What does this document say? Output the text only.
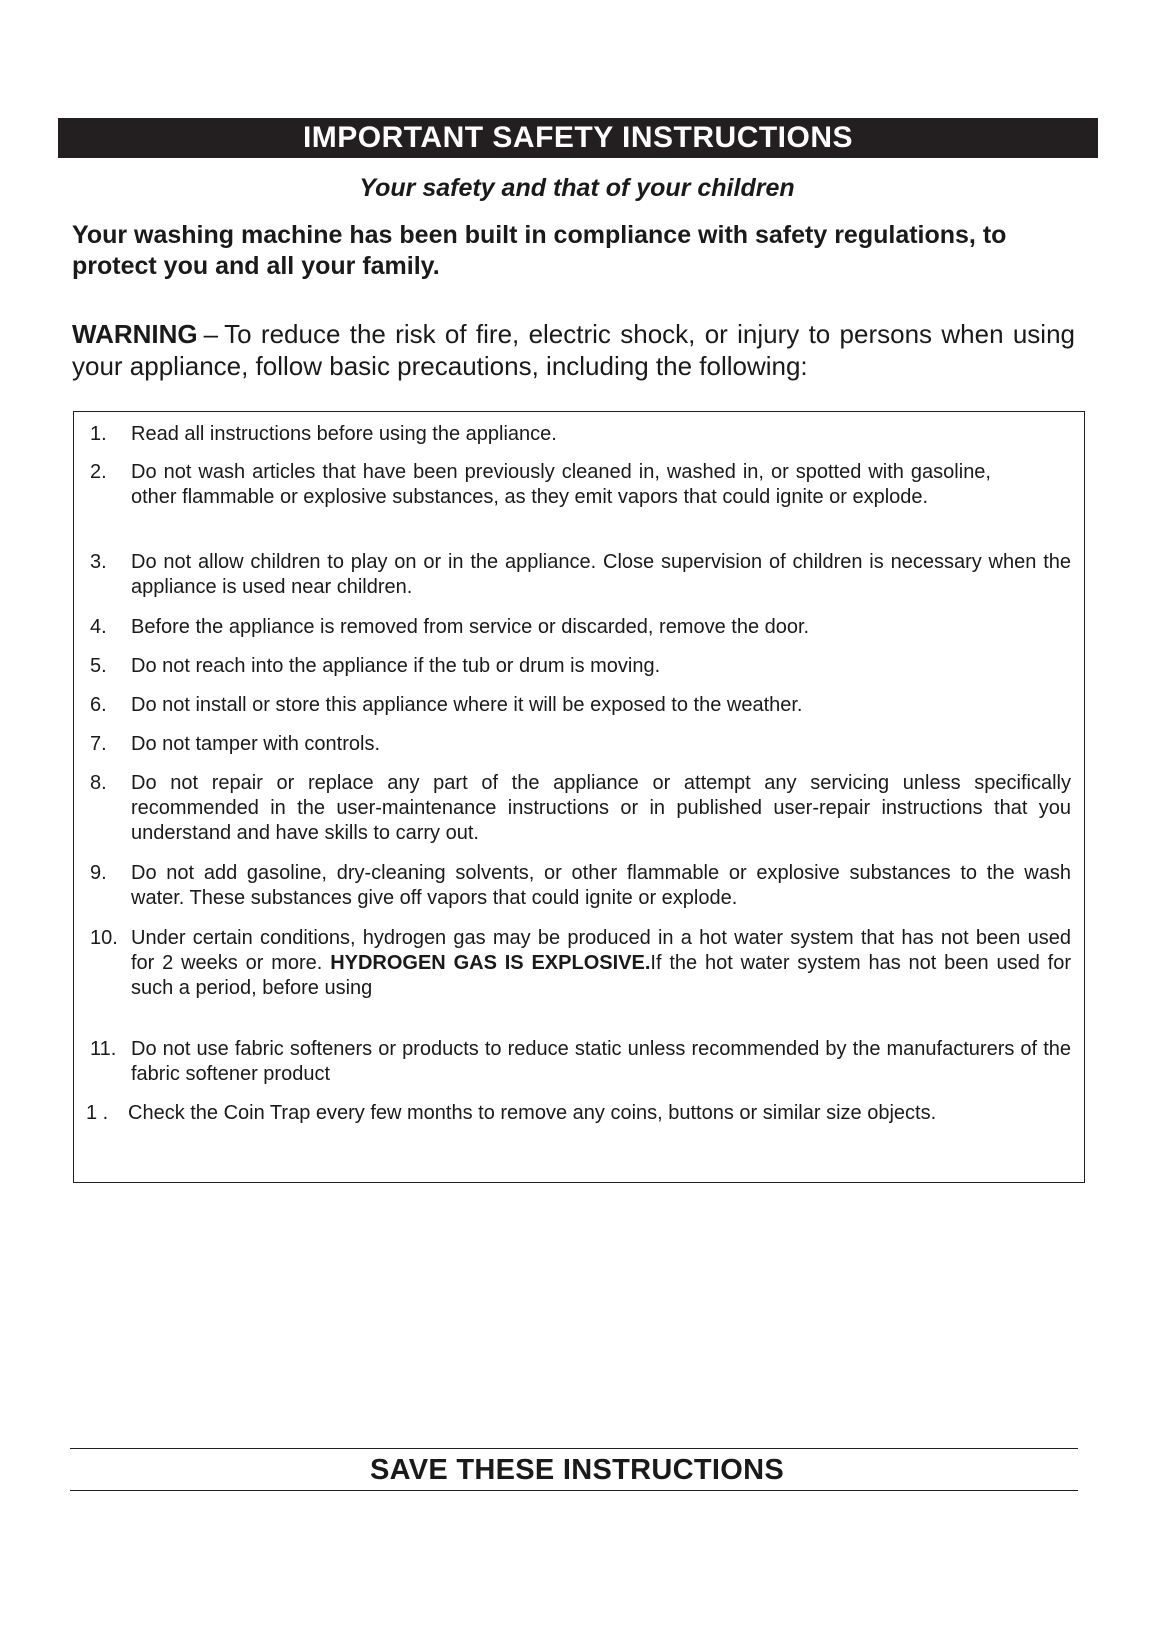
IMPORTANT SAFETY INSTRUCTIONS
Your safety and that of your children
Your washing machine has been built in compliance with safety regulations, to protect you and all your family.
WARNING – To reduce the risk of fire, electric shock, or injury to persons when using your appliance, follow basic precautions, including the following:
1.	Read all instructions before using the appliance.
2.	Do not wash articles that have been previously cleaned in, washed in, or spotted with gasoline, other flammable or explosive substances, as they emit vapors that could ignite or explode.
3.	Do not allow children to play on or in the appliance. Close supervision of children is necessary when the appliance is used near children.
4.	Before the appliance is removed from service or discarded, remove the door.
5.	Do not reach into the appliance if the tub or drum is moving.
6.	Do not install or store this appliance where it will be exposed to the weather.
7.	Do not tamper with controls.
8.	Do not repair or replace any part of the appliance or attempt any servicing unless specifically recommended in the user-maintenance instructions or in published user-repair instructions that you understand and have skills to carry out.
9.	Do not add gasoline, dry-cleaning solvents, or other flammable or explosive substances to the wash water. These substances give off vapors that could ignite or explode.
10. Under certain conditions, hydrogen gas may be produced in a hot water system that has not been used for 2 weeks or more. HYDROGEN GAS IS EXPLOSIVE.If the hot water system has not been used for such a period, before using
11. Do not use fabric softeners or products to reduce static unless recommended by the manufacturers of the fabric softener product
1 . Check the Coin Trap every few months to remove any coins, buttons or similar size objects.
SAVE THESE INSTRUCTIONS
